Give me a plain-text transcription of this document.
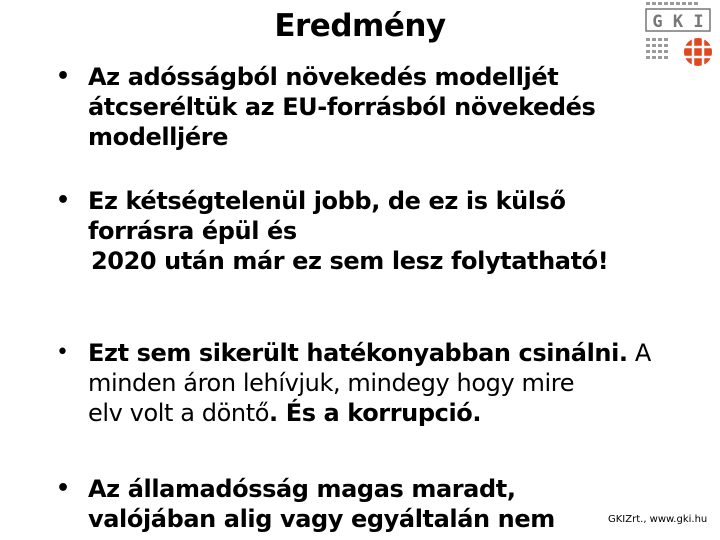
Eredmény	G K I
• Az adósságból növekedés modelljét
átcseréltük az EU-forrásból növekedés
modelljére
• Ez kétségtelenül jobb, de ez is külső
forrásra épül és
2020 után már ez sem lesz folytatható!
• Ezt sem sikerült hatékonyabban csinálni. A
minden áron lehívjuk, mindegy hogy mire
elv volt a döntő. És a korrupció.
• Az államadósság magas maradt,
valójában alig vagy egyáltalán nem	GKIZrt., www.gki.hu
